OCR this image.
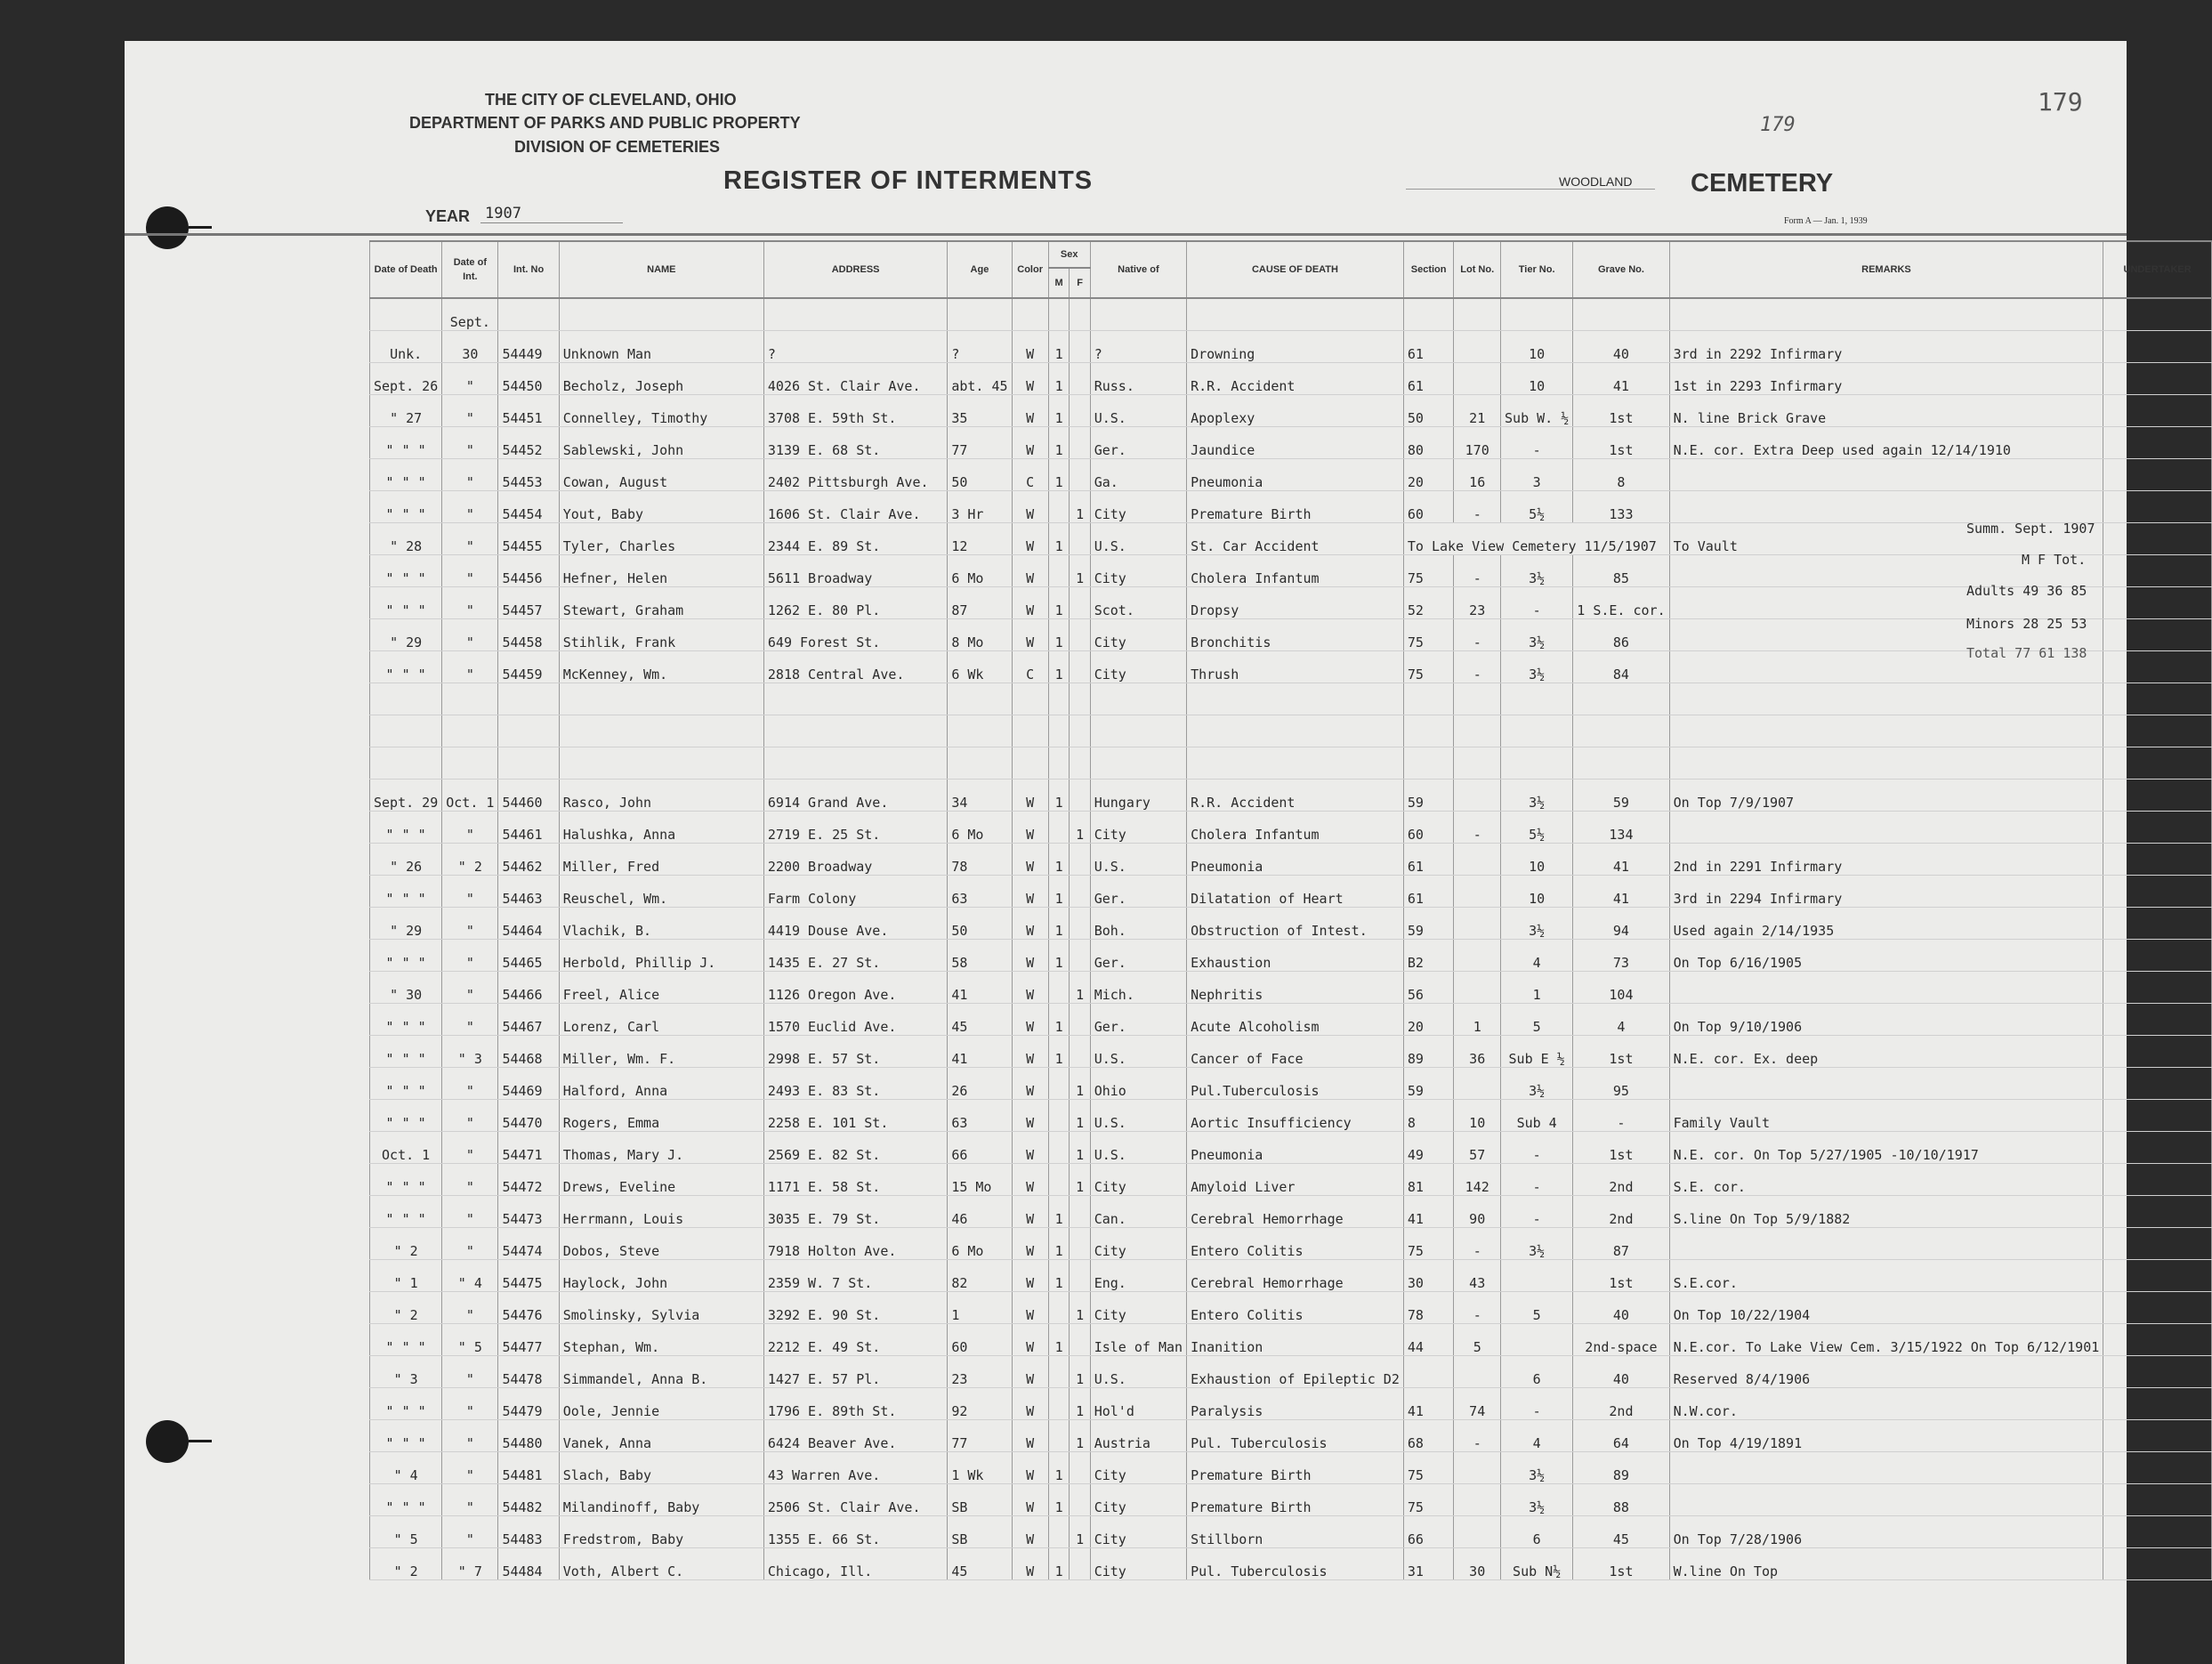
THE CITY OF CLEVELAND, OHIO
DEPARTMENT OF PARKS AND PUBLIC PROPERTY
DIVISION OF CEMETERIES
REGISTER OF INTERMENTS
YEAR 1907
WOODLAND CEMETERY
Form A — Jan. 1, 1939
179
179
Date of Death	Date of Int.	Int. No	NAME	ADDRESS	Age	Color	Sex		Native of	CAUSE OF DEATH	Section	Lot No.	Tier No.	Grave No.	REMARKS	UNDERTAKER
							M	F								
	Sept.															
Unk.	30	54449	Unknown Man	?	?	W	1		?	Drowning	61		10	40	3rd in 2292 Infirmary	
Sept. 26	"	54450	Becholz, Joseph	4026 St. Clair Ave.	abt. 45	W	1		Russ.	R.R. Accident	61		10	41	1st in 2293 Infirmary	
" 27	"	54451	Connelley, Timothy	3708 E. 59th St.	35	W	1		U.S.	Apoplexy	50	21	Sub W. ½	1st	N. line Brick Grave	
" " "	"	54452	Sablewski, John	3139 E. 68 St.	77	W	1		Ger.	Jaundice	80	170	-	1st	N.E. cor. Extra Deep used again 12/14/1910	
" " "	"	54453	Cowan, August	2402 Pittsburgh Ave.	50	C	1		Ga.	Pneumonia	20	16	3	8		
" " "	"	54454	Yout, Baby	1606 St. Clair Ave.	3 Hr	W		1	City	Premature Birth	60	-	5½	133		
" 28	"	54455	Tyler, Charles	2344 E. 89 St.	12	W	1		U.S.	St. Car Accident	To Lake View Cemetery 11/5/1907				To Vault	
" " "	"	54456	Hefner, Helen	5611 Broadway	6 Mo	W		1	City	Cholera Infantum	75	-	3½	85		
" " "	"	54457	Stewart, Graham	1262 E. 80 Pl.	87	W	1		Scot.	Dropsy	52	23	-	1 S.E. cor.		
" 29	"	54458	Stihlik, Frank	649 Forest St.	8 Mo	W	1		City	Bronchitis	75	-	3½	86		
" " "	"	54459	McKenney, Wm.	2818 Central Ave.	6 Wk	C	1		City	Thrush	75	-	3½	84		

Sept. 29	Oct. 1	54460	Rasco, John	6914 Grand Ave.	34	W	1		Hungary	R.R. Accident	59		3½	59	On Top 7/9/1907	
" " "	"	54461	Halushka, Anna	2719 E. 25 St.	6 Mo	W		1	City	Cholera Infantum	60	-	5½	134		
" 26	" 2	54462	Miller, Fred	2200 Broadway	78	W	1		U.S.	Pneumonia	61		10	41	2nd in 2291 Infirmary	
" " "	"	54463	Reuschel, Wm.	Farm Colony	63	W	1		Ger.	Dilatation of Heart	61		10	41	3rd in 2294 Infirmary	
" 29	"	54464	Vlachik, B.	4419 Douse Ave.	50	W	1		Boh.	Obstruction of Intest.	59		3½	94	Used again 2/14/1935	
" " "	"	54465	Herbold, Phillip J.	1435 E. 27 St.	58	W	1		Ger.	Exhaustion	B2		4	73	On Top 6/16/1905	
" 30	"	54466	Freel, Alice	1126 Oregon Ave.	41	W		1	Mich.	Nephritis	56		1	104		
" " "	"	54467	Lorenz, Carl	1570 Euclid Ave.	45	W	1		Ger.	Acute Alcoholism	20	1	5	4	On Top 9/10/1906	
" " "	" 3	54468	Miller, Wm. F.	2998 E. 57 St.	41	W	1		U.S.	Cancer of Face	89	36	Sub E ½	1st	N.E. cor. Ex. deep	
" " "	"	54469	Halford, Anna	2493 E. 83 St.	26	W		1	Ohio	Pul.Tuberculosis	59		3½	95		
" " "	"	54470	Rogers, Emma	2258 E. 101 St.	63	W		1	U.S.	Aortic Insufficiency	8	10	Sub 4	-	Family Vault	
Oct. 1	"	54471	Thomas, Mary J.	2569 E. 82 St.	66	W		1	U.S.	Pneumonia	49	57	-	1st	N.E. cor. On Top 5/27/1905 -10/10/1917	
" " "	"	54472	Drews, Eveline	1171 E. 58 St.	15 Mo	W		1	City	Amyloid Liver	81	142	-	2nd	S.E. cor.	
" " "	"	54473	Herrmann, Louis	3035 E. 79 St.	46	W	1		Can.	Cerebral Hemorrhage	41	90	-	2nd	S.line On Top 5/9/1882	
" 2	"	54474	Dobos, Steve	7918 Holton Ave.	6 Mo	W	1		City	Entero Colitis	75	-	3½	87		
" 1	" 4	54475	Haylock, John	2359 W. 7 St.	82	W	1		Eng.	Cerebral Hemorrhage	30	43		1st	S.E.cor.	
" 2	"	54476	Smolinsky, Sylvia	3292 E. 90 St.	1	W		1	City	Entero Colitis	78	-	5	40	On Top 10/22/1904	
" " "	" 5	54477	Stephan, Wm.	2212 E. 49 St.	60	W	1		Isle of Man	Inanition	44	5		2nd-space	N.E.cor. To Lake View Cem. 3/15/1922 On Top 6/12/1901	
" 3	"	54478	Simmandel, Anna B.	1427 E. 57 Pl.	23	W		1	U.S.	Exhaustion of Epileptic D2			6	40	Reserved 8/4/1906	
" " "	"	54479	Oole, Jennie	1796 E. 89th St.	92	W		1	Hol'd	Paralysis	41	74	-	2nd	N.W.cor.	
" " "	"	54480	Vanek, Anna	6424 Beaver Ave.	77	W		1	Austria	Pul. Tuberculosis	68	-	4	64	On Top 4/19/1891	
" 4	"	54481	Slach, Baby	43 Warren Ave.	1 Wk	W	1		City	Premature Birth	75		3½	89		
" " "	"	54482	Milandinoff, Baby	2506 St. Clair Ave.	SB	W	1		City	Premature Birth	75		3½	88		
" 5	"	54483	Fredstrom, Baby	1355 E. 66 St.	SB	W		1	City	Stillborn	66		6	45	On Top 7/28/1906	
" 2	" 7	54484	Voth, Albert C.	Chicago, Ill.	45	W	1		City	Pul. Tuberculosis	31	30	Sub N½	1st	W.line On Top	
Summ. Sept. 1907
M F Tot.
Adults 49 36 85
Minors 28 25 53
Total 77 61 138
